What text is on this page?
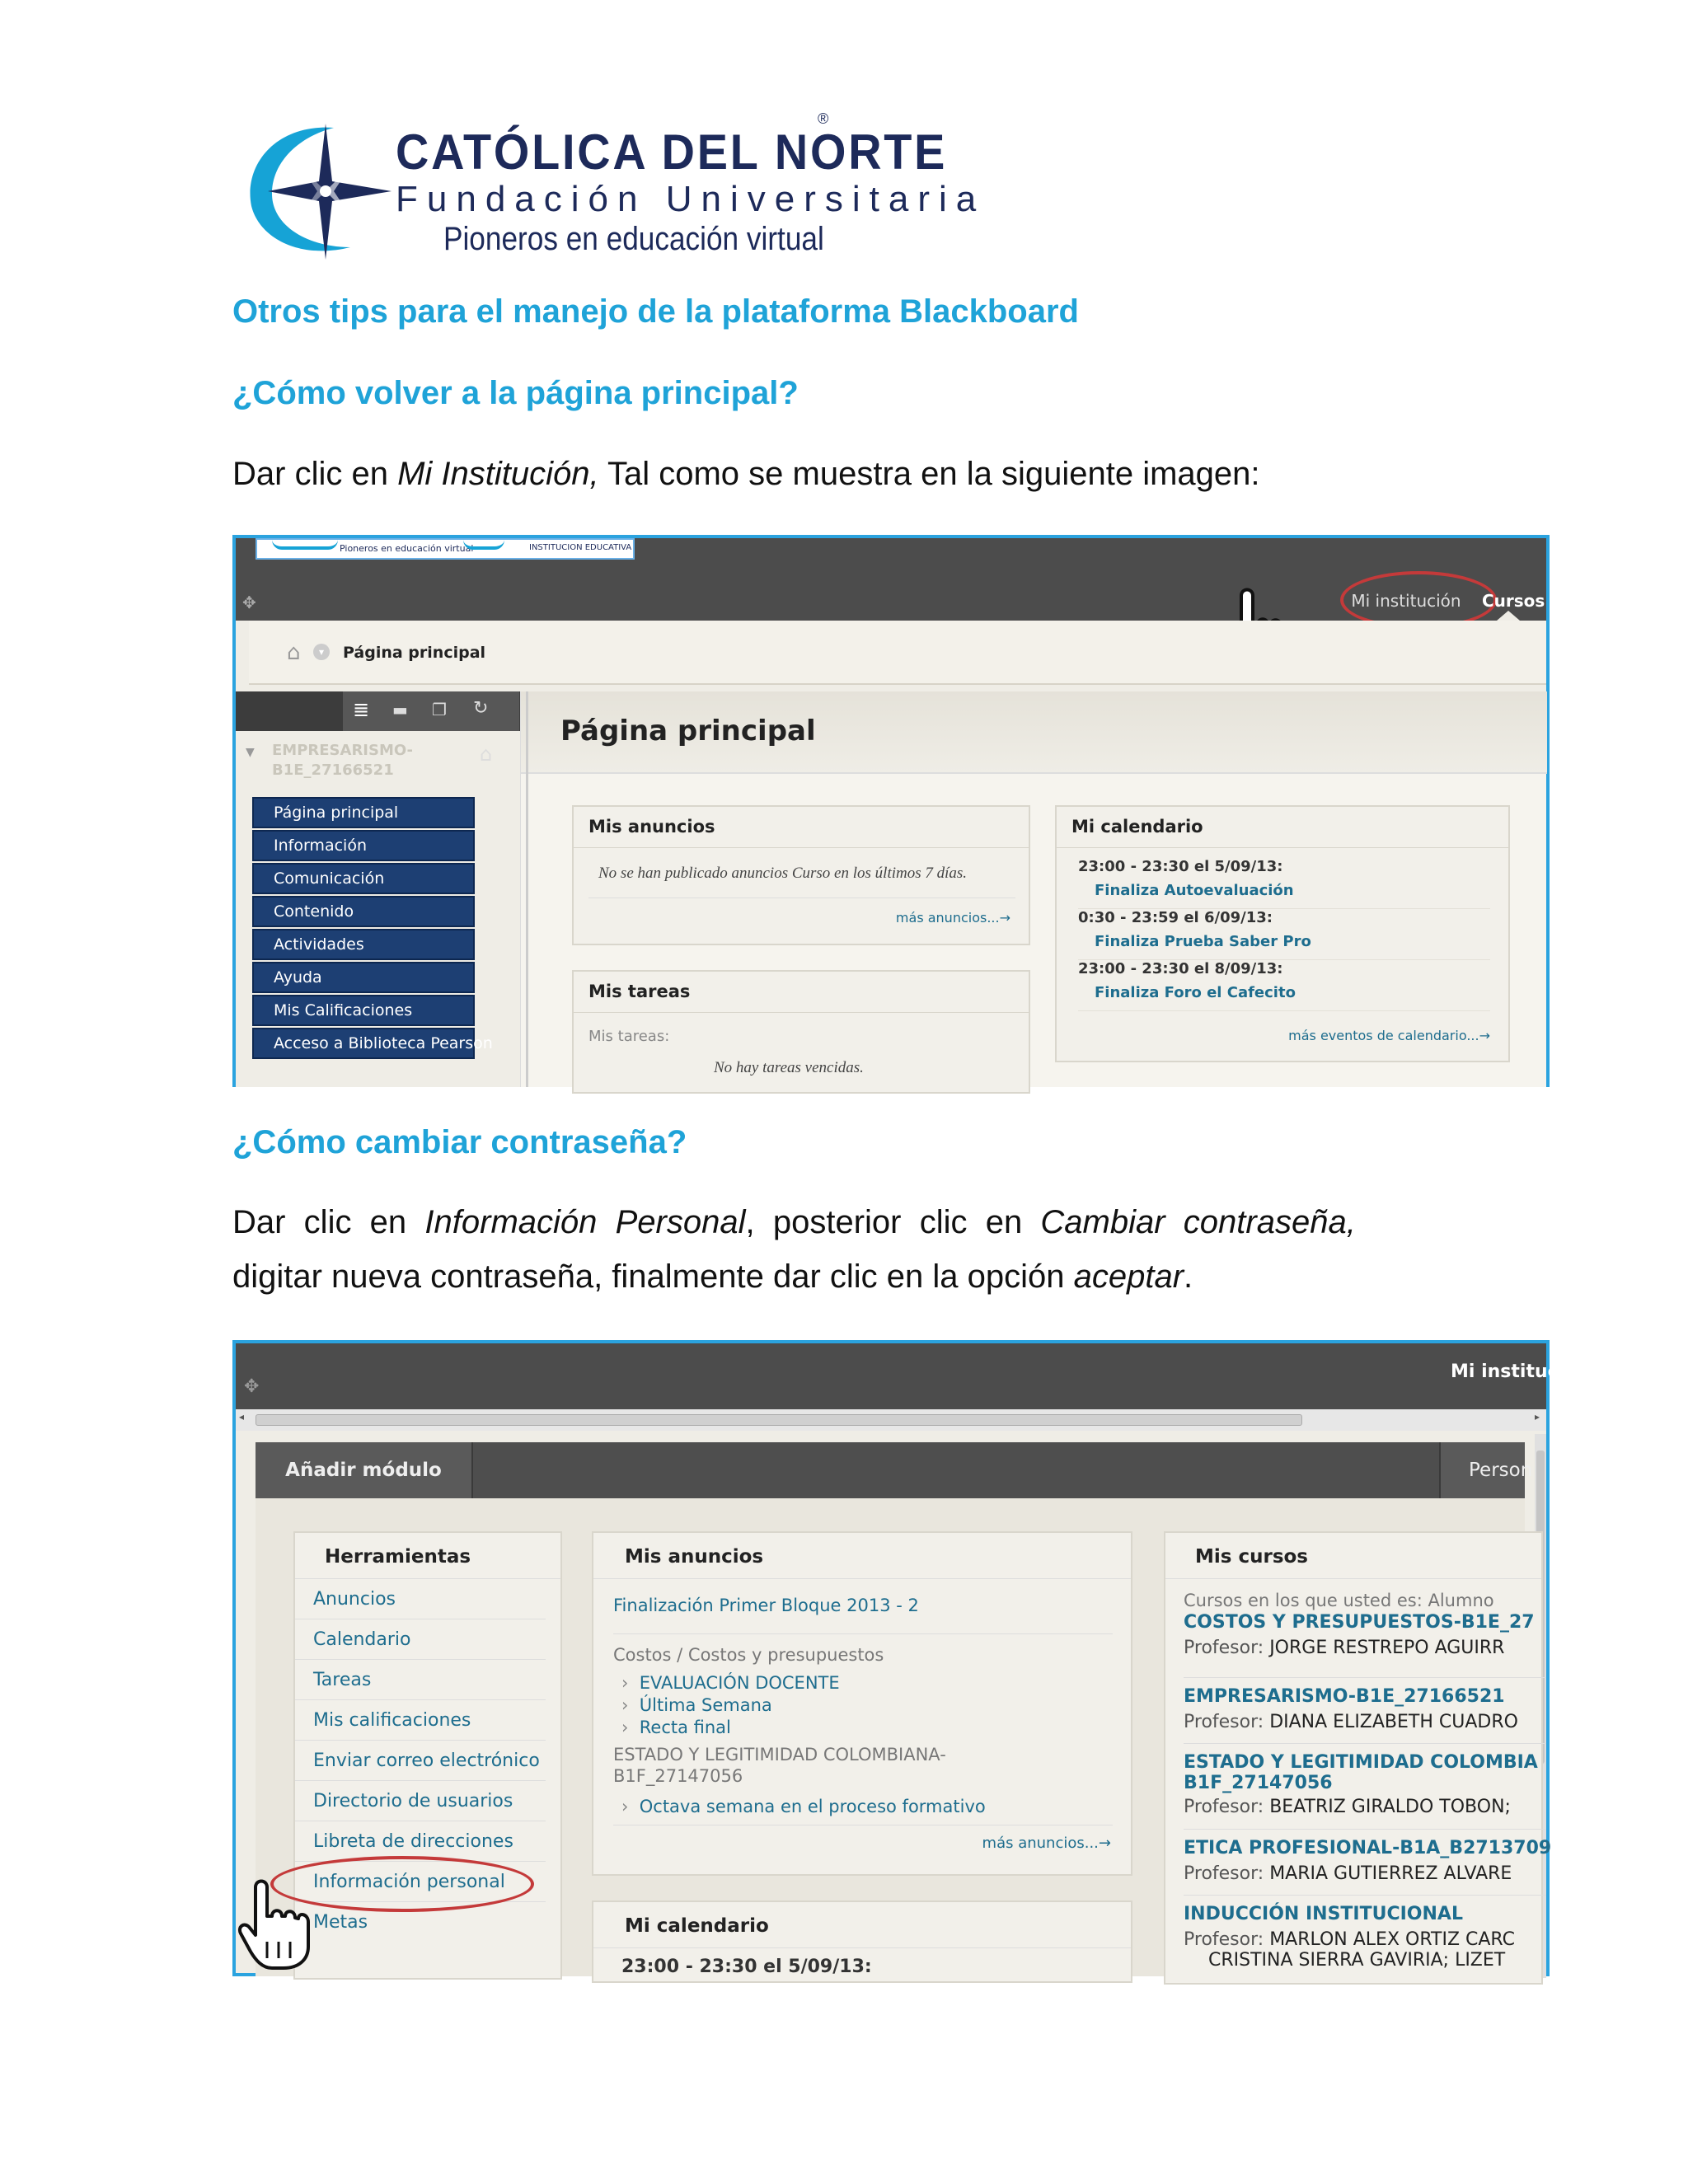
CATÓLICA DEL NORTE
®
Fundación Universitaria
Pioneros en educación virtual
Otros tips para el manejo de la plataforma Blackboard
¿Cómo volver a la página principal?
Dar clic en Mi Institución, Tal como se muestra en la siguiente imagen:
Pioneros en educación virtual	INSTITUCION EDUCATIVA
✥	Mi institución	Cursos
⌂	▾	Página principal
≣ ▬ ❐ ↻
▼ EMPRESARISMO-
B1E_27166521
⌂
Página principal
Información
Comunicación
Contenido
Actividades
Ayuda
Mis Calificaciones
Acceso a Biblioteca Pearson
Página principal
Mis anuncios
No se han publicado anuncios Curso en los últimos 7 días.
más anuncios...→
Mis tareas
Mis tareas:
No hay tareas vencidas.
Mi calendario
23:00 - 23:30 el 5/09/13:
Finaliza Autoevaluación
0:30 - 23:59 el 6/09/13:
Finaliza Prueba Saber Pro
23:00 - 23:30 el 8/09/13:
Finaliza Foro el Cafecito
más eventos de calendario...→
¿Cómo cambiar contraseña?
Dar  clic  en  Información  Personal,  posterior  clic  en  Cambiar  contraseña,
digitar nueva contraseña, finalmente dar clic en la opción aceptar.
✥
Mi instituc
◂	▸
Añadir módulo	Person
Herramientas
Anuncios
Calendario
Tareas
Mis calificaciones
Enviar correo electrónico
Directorio de usuarios
Libreta de direcciones
Información personal
Metas
Mis anuncios
Finalización Primer Bloque 2013 - 2
Costos / Costos y presupuestos
›  EVALUACIÓN DOCENTE
›  Última Semana
›  Recta final
ESTADO Y LEGITIMIDAD COLOMBIANA-
B1F_27147056
›  Octava semana en el proceso formativo
más anuncios...→
Mi calendario
23:00 - 23:30 el 5/09/13:
Mis cursos
Cursos en los que usted es: Alumno
COSTOS Y PRESUPUESTOS-B1E_27
Profesor: JORGE RESTREPO AGUIRR
EMPRESARISMO-B1E_27166521
Profesor: DIANA ELIZABETH CUADRO
ESTADO Y LEGITIMIDAD COLOMBIA
B1F_27147056
Profesor: BEATRIZ GIRALDO TOBON;
ETICA PROFESIONAL-B1A_B2713709
Profesor: MARIA GUTIERREZ ALVARE
INDUCCIÓN INSTITUCIONAL
Profesor: MARLON ALEX ORTIZ CARC
CRISTINA SIERRA GAVIRIA; LIZET
